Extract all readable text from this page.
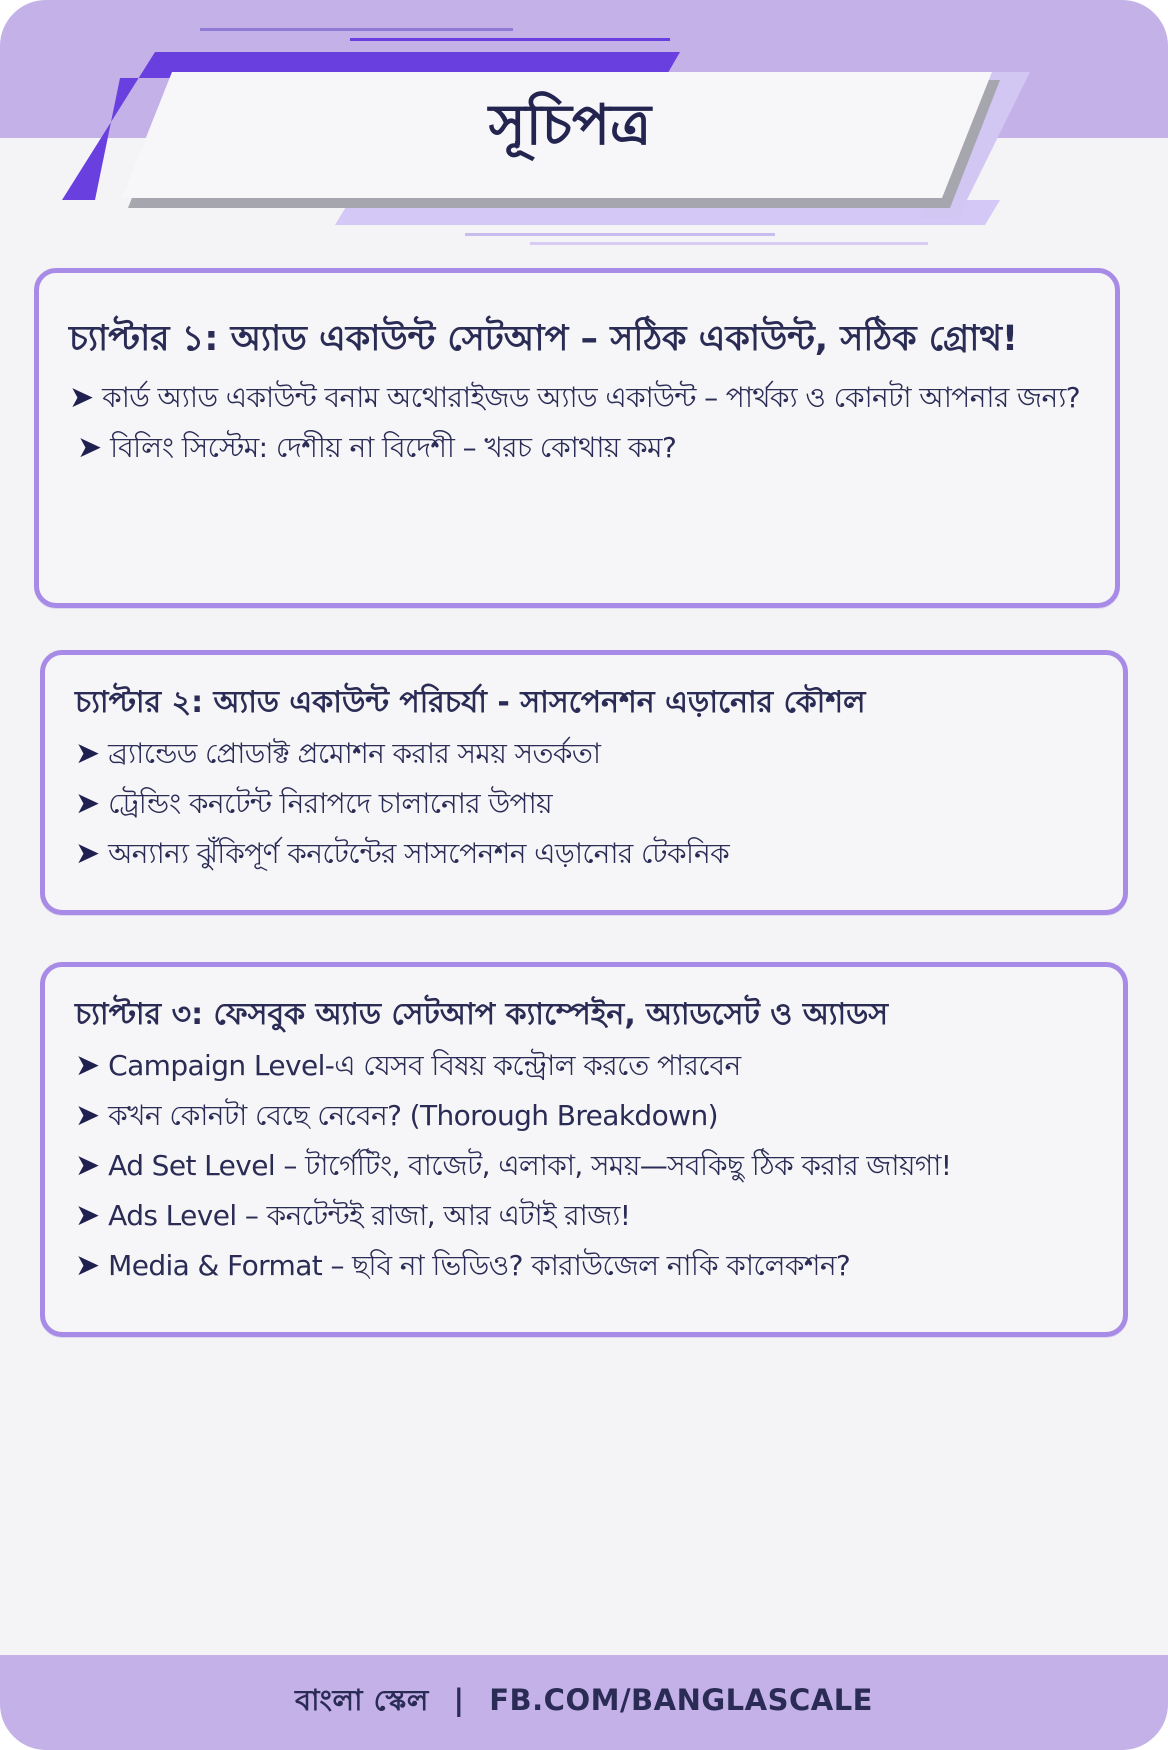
সূচিপত্র

চ্যাপ্টার ১: অ্যাড একাউন্ট সেটআপ – সঠিক একাউন্ট, সঠিক গ্রোথ!

➤ কার্ড অ্যাড একাউন্ট বনাম অথোরাইজড অ্যাড একাউন্ট – পার্থক্য ও কোনটা আপনার জন্য?

➤ বিলিং সিস্টেম: দেশীয় না বিদেশী – খরচ কোথায় কম?

চ্যাপ্টার ২: অ্যাড একাউন্ট পরিচর্যা - সাসপেনশন এড়ানোর কৌশল

➤ ব্র্যান্ডেড প্রোডাক্ট প্রমোশন করার সময় সতর্কতা

➤ ট্রেন্ডিং কনটেন্ট নিরাপদে চালানোর উপায়

➤ অন্যান্য ঝুঁকিপূর্ণ কনটেন্টের সাসপেনশন এড়ানোর টেকনিক

চ্যাপ্টার ৩: ফেসবুক অ্যাড সেটআপ ক্যাম্পেইন, অ্যাডসেট ও অ্যাডস

➤ Campaign Level-এ যেসব বিষয় কন্ট্রোল করতে পারবেন

➤ কখন কোনটা বেছে নেবেন? (Thorough Breakdown)

➤ Ad Set Level – টার্গেটিং, বাজেট, এলাকা, সময়—সবকিছু ঠিক করার জায়গা!

➤ Ads Level – কনটেন্টই রাজা, আর এটাই রাজ্য!

➤ Media & Format – ছবি না ভিডিও? কারাউজেল নাকি কালেকশন?

বাংলা স্কেল | FB.COM/BANGLASCALE
